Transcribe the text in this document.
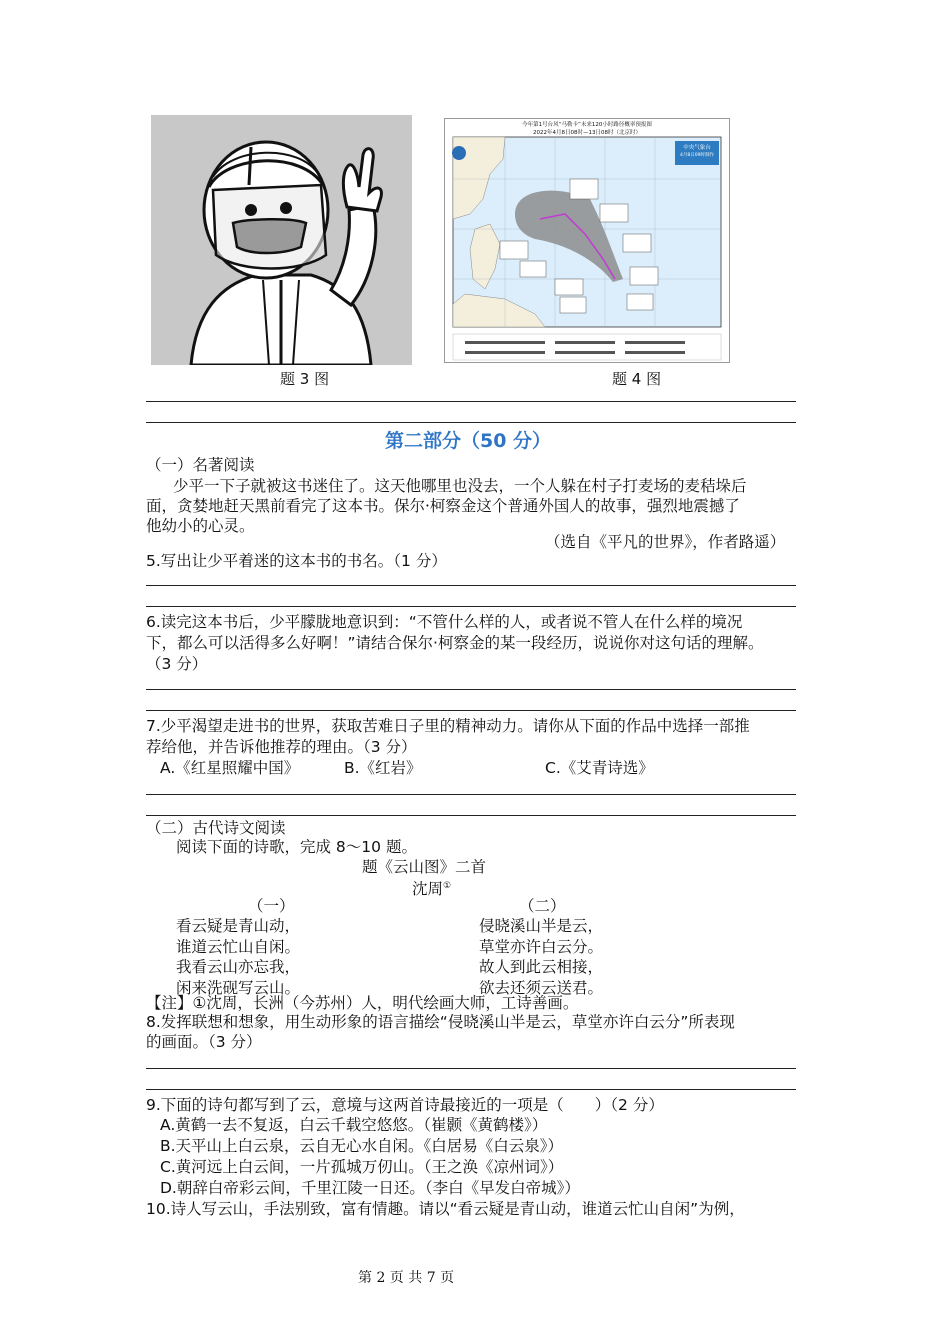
题 3 图
今年第1号台风“马勒卡”未来120小时路径概率预报图
2022年4月8日08时—13日08时（北京时）
中央气象台
4月8日09时制作
题 4 图
第二部分（50 分）
（一）名著阅读
少平一下子就被这书迷住了。这天他哪里也没去，一个人躲在村子打麦场的麦秸垛后
面，贪婪地赶天黑前看完了这本书。保尔·柯察金这个普通外国人的故事，强烈地震撼了
他幼小的心灵。
（选自《平凡的世界》，作者路遥）
5.写出让少平着迷的这本书的书名。（1 分）
6.读完这本书后，少平朦胧地意识到：“不管什么样的人，或者说不管人在什么样的境况
下，都么可以活得多么好啊！”请结合保尔·柯察金的某一段经历，说说你对这句话的理解。
（3 分）
7.少平渴望走进书的世界，获取苦难日子里的精神动力。请你从下面的作品中选择一部推
荐给他，并告诉他推荐的理由。（3 分）
A.《红星照耀中国》	B.《红岩》	C.《艾青诗选》
（二）古代诗文阅读
阅读下面的诗歌，完成 8～10 题。
题《云山图》二首
沈周①
（一）	（二）
看云疑是青山动，
谁道云忙山自闲。
我看云山亦忘我，
闲来洗砚写云山。
侵晓溪山半是云，
草堂亦许白云分。
故人到此云相接，
欲去还须云送君。
【注】①沈周，长洲（今苏州）人，明代绘画大师，工诗善画。
8.发挥联想和想象，用生动形象的语言描绘“侵晓溪山半是云，草堂亦许白云分”所表现
的画面。（3 分）
9.下面的诗句都写到了云，意境与这两首诗最接近的一项是（　　）（2 分）
A.黄鹤一去不复返，白云千载空悠悠。（崔颢《黄鹤楼》）
B.天平山上白云泉，云自无心水自闲。《白居易《白云泉》）
C.黄河远上白云间，一片孤城万仞山。（王之涣《凉州词》）
D.朝辞白帝彩云间，千里江陵一日还。（李白《早发白帝城》）
10.诗人写云山，手法别致，富有情趣。请以“看云疑是青山动，谁道云忙山自闲”为例，
第 2 页 共 7 页
